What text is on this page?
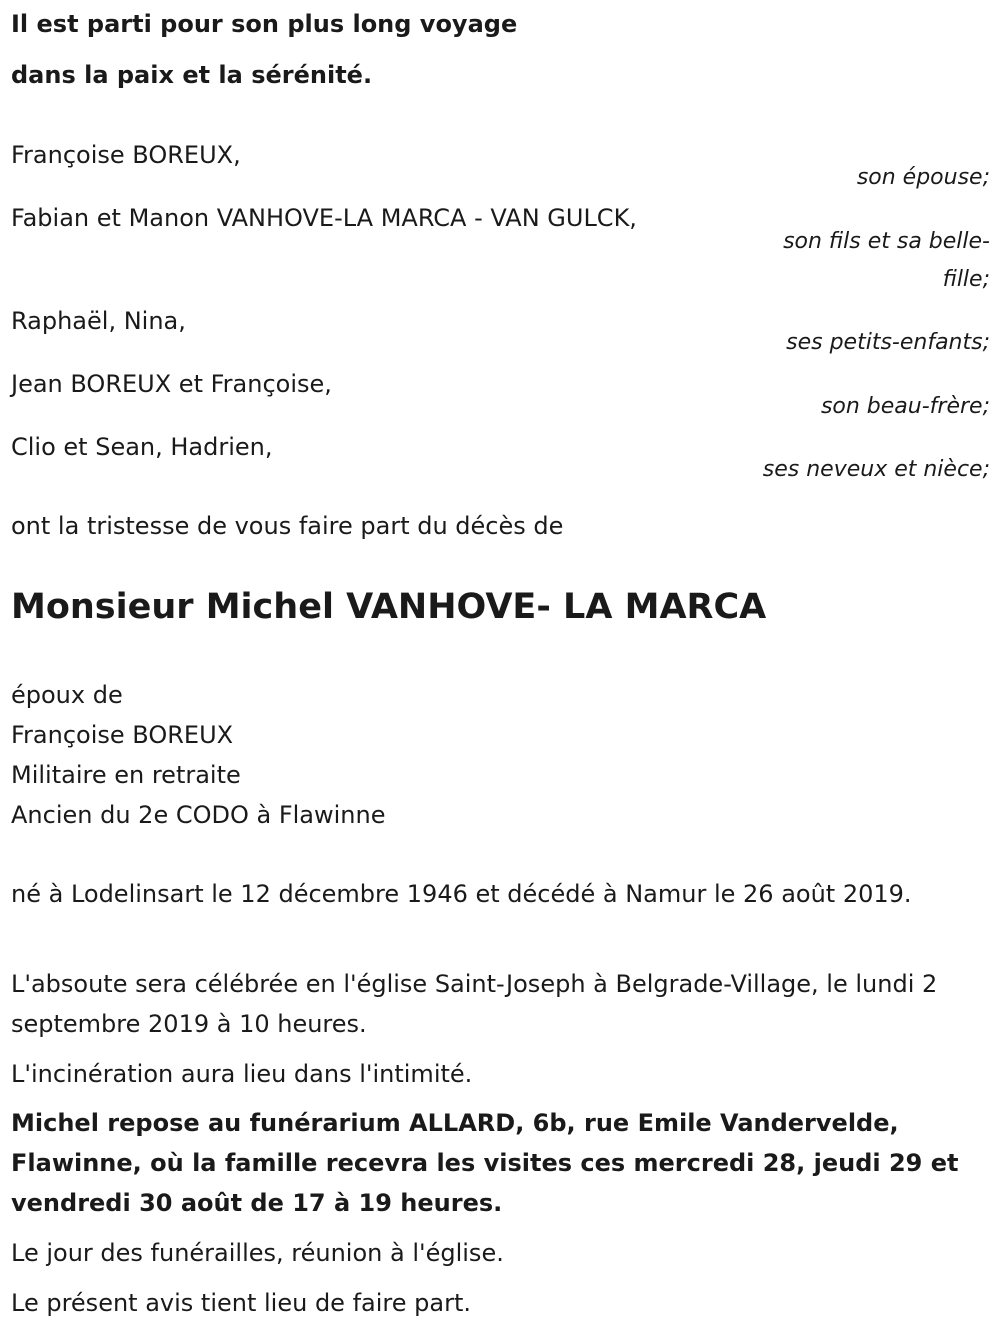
Il est parti pour son plus long voyage
dans la paix et la sérénité.
Françoise BOREUX,
son épouse;
Fabian et Manon VANHOVE-LA MARCA - VAN GULCK,
son fils et sa belle-
fille;
Raphaël, Nina,
ses petits-enfants;
Jean BOREUX et Françoise,
son beau-frère;
Clio et Sean, Hadrien,
ses neveux et nièce;
ont la tristesse de vous faire part du décès de
Monsieur Michel VANHOVE- LA MARCA
époux de
Françoise BOREUX
Militaire en retraite
Ancien du 2e CODO à Flawinne
né à Lodelinsart le 12 décembre 1946 et décédé à Namur le 26 août 2019.
L'absoute sera célébrée en l'église Saint-Joseph à Belgrade-Village, le lundi 2 septembre 2019 à 10 heures.
L'incinération aura lieu dans l'intimité.
Michel repose au funérarium ALLARD, 6b, rue Emile Vandervelde, Flawinne, où la famille recevra les visites ces mercredi 28, jeudi 29 et vendredi 30 août de 17 à 19 heures.
Le jour des funérailles, réunion à l'église.
Le présent avis tient lieu de faire part.
